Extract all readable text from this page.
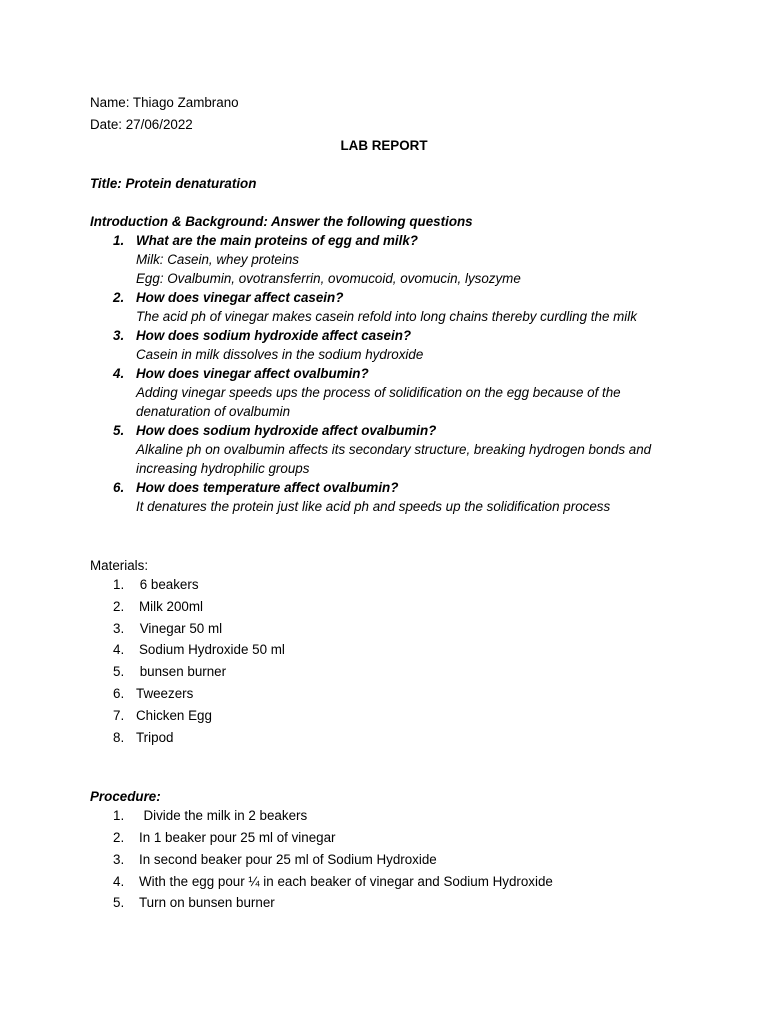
Name: Thiago Zambrano
Date: 27/06/2022
LAB REPORT
Title: Protein denaturation
Introduction & Background: Answer the following questions
1. What are the main proteins of egg and milk?
Milk: Casein, whey proteins
Egg: Ovalbumin, ovotransferrin, ovomucoid, ovomucin, lysozyme
2. How does vinegar affect casein?
The acid ph of vinegar makes casein refold into long chains thereby curdling the milk
3. How does sodium hydroxide affect casein?
Casein in milk dissolves in the sodium hydroxide
4. How does vinegar affect ovalbumin?
Adding vinegar speeds ups the process of solidification on the egg because of the
denaturation of ovalbumin
5. How does sodium hydroxide affect ovalbumin?
Alkaline ph on ovalbumin affects its secondary structure, breaking hydrogen bonds and
increasing hydrophilic groups
6. How does temperature affect ovalbumin?
It denatures the protein just like acid ph and speeds up the solidification process
Materials:
1. 6 beakers
2. Milk 200ml
3. Vinegar 50 ml
4. Sodium Hydroxide 50 ml
5. bunsen burner
6. Tweezers
7. Chicken Egg
8. Tripod
Procedure:
1. Divide the milk in 2 beakers
2. In 1 beaker pour 25 ml of vinegar
3. In second beaker pour 25 ml of Sodium Hydroxide
4. With the egg pour ¼ in each beaker of vinegar and Sodium Hydroxide
5. Turn on bunsen burner
